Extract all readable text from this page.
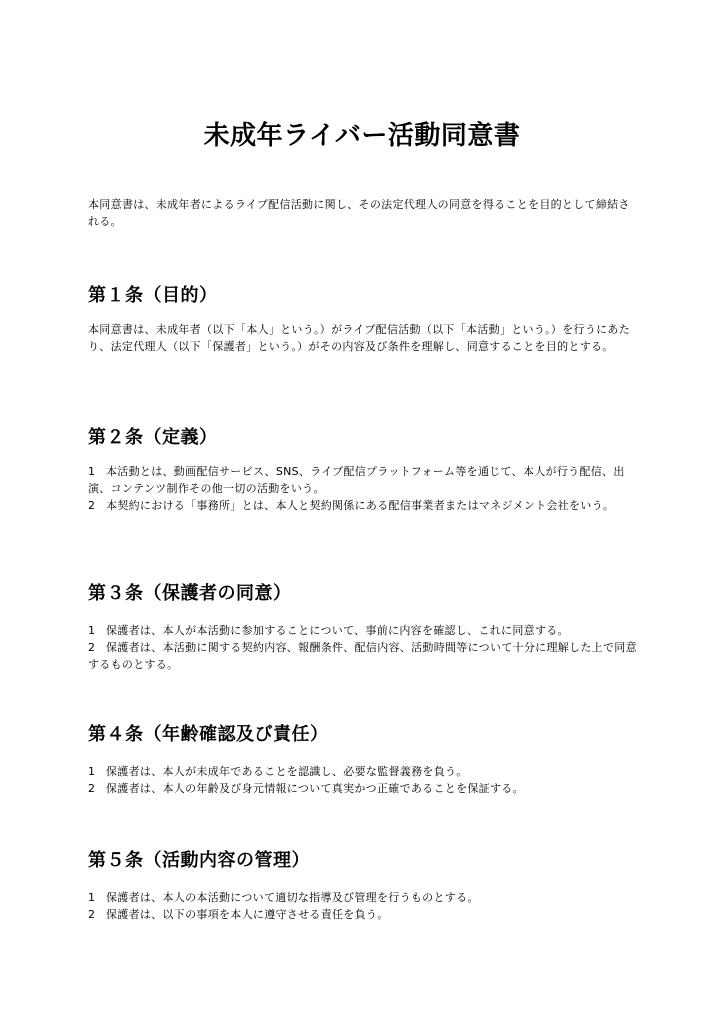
未成年ライバー活動同意書

本同意書は、未成年者によるライブ配信活動に関し、その法定代理人の同意を得ることを目的として締結される。

第１条（目的）

本同意書は、未成年者（以下「本人」という。）がライブ配信活動（以下「本活動」という。）を行うにあたり、法定代理人（以下「保護者」という。）がその内容及び条件を理解し、同意することを目的とする。

第２条（定義）
1 本活動とは、動画配信サービス、SNS、ライブ配信プラットフォーム等を通じて、本人が行う配信、出演、コンテンツ制作その他一切の活動をいう。
2 本契約における「事務所」とは、本人と契約関係にある配信事業者またはマネジメント会社をいう。
第３条（保護者の同意）
1 保護者は、本人が本活動に参加することについて、事前に内容を確認し、これに同意する。
2 保護者は、本活動に関する契約内容、報酬条件、配信内容、活動時間等について十分に理解した上で同意するものとする。
第４条（年齢確認及び責任）
1 保護者は、本人が未成年であることを認識し、必要な監督義務を負う。
2 保護者は、本人の年齢及び身元情報について真実かつ正確であることを保証する。
第５条（活動内容の管理）
1 保護者は、本人の本活動について適切な指導及び管理を行うものとする。
2 保護者は、以下の事項を本人に遵守させる責任を負う。
